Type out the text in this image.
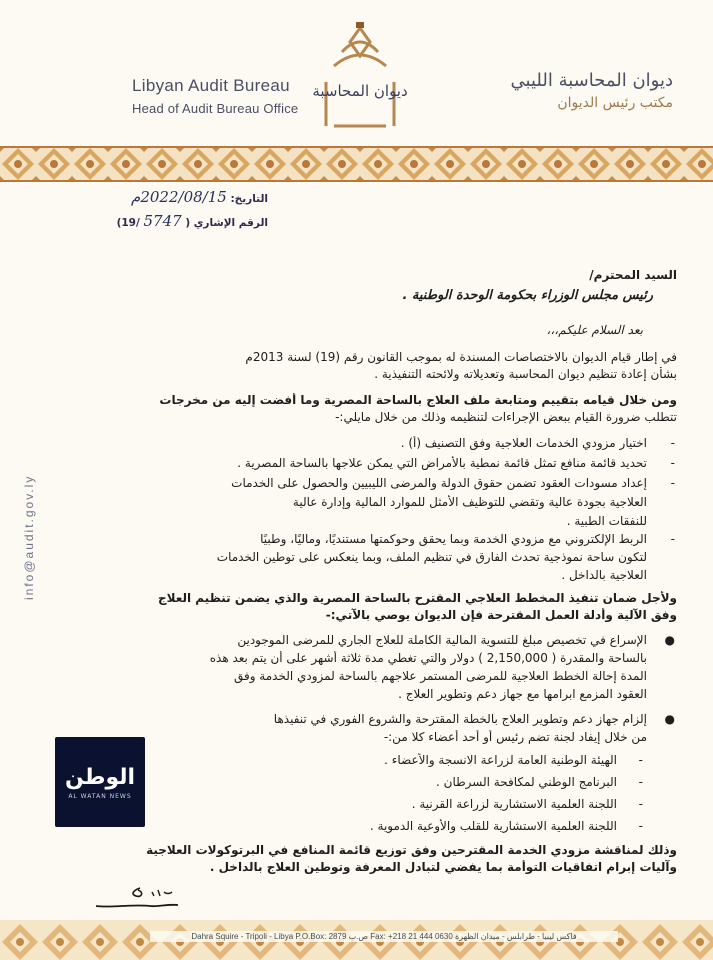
Libyan Audit Bureau
Head of Audit Bureau Office
ديوان المحاسبة	ديوان المحاسبة الليبي
مكتب رئيس الديوان
info@audit.gov.ly
التاريخ: 2022/08/15م
الرقم الإشاري ( 5747 /19)
السيد المحترم/
رئيس مجلس الوزراء بحكومة الوحدة الوطنية .
بعد السلام عليكم،،،
في إطار قيام الديوان بالاختصاصات المسندة له بموجب القانون رقم (19) لسنة 2013م
بشأن إعادة تنظيم ديوان المحاسبة وتعديلاته ولائحته التنفيذية .
ومن خلال قيامه بتقييم ومتابعة ملف العلاج بالساحة المصرية وما أفضت إليه من مخرجات
تتطلب ضرورة القيام ببعض الإجراءات لتنظيمه وذلك من خلال مايلي:-
-
اختيار مزودي الخدمات العلاجية وفق التصنيف (أ) .
-
تحديد قائمة منافع تمثل قائمة نمطية بالأمراض التي يمكن علاجها بالساحة المصرية .
-
إعداد مسودات العقود تضمن حقوق الدولة والمرضى الليبيين والحصول على الخدمات
العلاجية بجودة عالية وتقضي للتوظيف الأمثل للموارد المالية وإدارة عالية
للنفقات الطبية .
-
الربط الإلكتروني مع مزودي الخدمة وبما يحقق وحوكمتها مستنديًا، وماليًا، وطبيًا
لتكون ساحة نموذجية تحدث الفارق في تنظيم الملف، وبما ينعكس على توطين الخدمات
العلاجية بالداخل .
ولأجل ضمان تنفيذ المخطط العلاجي المقترح بالساحة المصرية والذي يضمن تنظيم العلاج
وفق الآلية وأدلة العمل المقترحة فإن الديوان يوصي بالآتي:-
●
الإسراع في تخصيص مبلغ للتسوية المالية الكاملة للعلاج الجاري للمرضى الموجودين
بالساحة والمقدرة ( 2,150,000 ) دولار والتي تغطي مدة ثلاثة أشهر على أن يتم بعد هذه
المدة إحالة الخطط العلاجية للمرضى المستمر علاجهم بالساحة لمزودي الخدمة وفق
العقود المزمع ابرامها مع جهاز دعم وتطوير العلاج .
●
إلزام جهاز دعم وتطوير العلاج بالخطة المقترحة والشروع الفوري في تنفيذها
من خلال إيفاد لجنة تضم رئيس أو أحد أعضاء كلا من:-
-
الهيئة الوطنية العامة لزراعة الانسجة والأعضاء .
-
البرنامج الوطني لمكافحة السرطان .
-
اللجنة العلمية الاستشارية لزراعة القرنية .
-
اللجنة العلمية الاستشارية للقلب والأوعية الدموية .
وذلك لمناقشة مزودي الخدمة المقترحين وفق توزيع قائمة المنافع في البرتوكولات العلاجية
وآليات إبرام اتفاقيات التوأمة بما يفضي لتبادل المعرفة وتوطين العلاج بالداخل .
الوطن
AL WATAN NEWS
Dahra Squire - Tripoli - Libya P.O.Box: 2879 ص.ب Fax: +218 21 444 0630 فاكس ليبيا - طرابلس - ميدان الظهرة
